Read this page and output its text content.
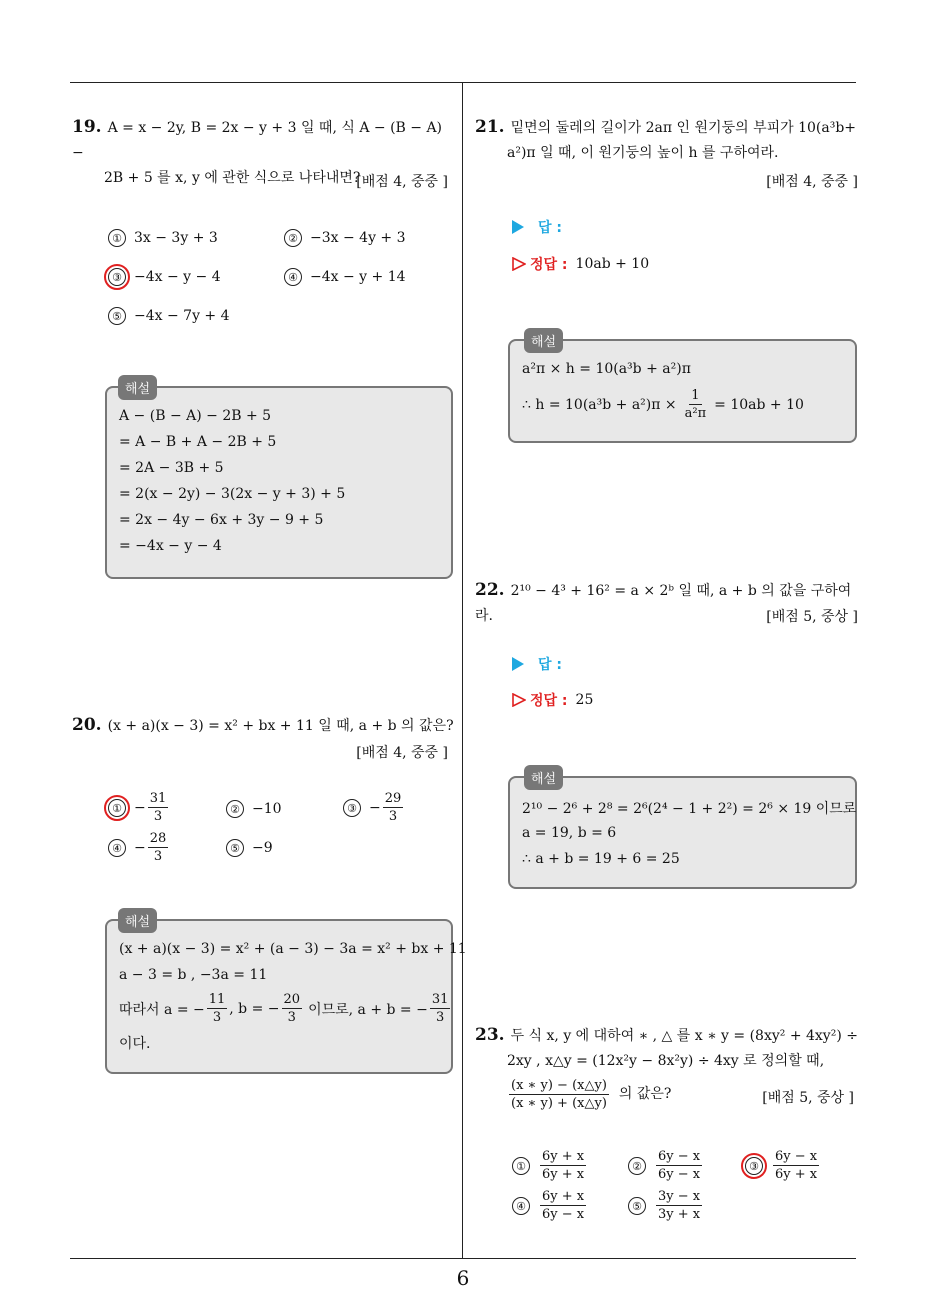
6
19. A = x − 2y, B = 2x − y + 3 일 때, 식 A − (B − A) −
2B + 5 를 x, y 에 관한 식으로 나타내면?
[배점 4, 중중 ]
① 3x − 3y + 3	② −3x − 4y + 3
③ −4x − y − 4	④ −4x − y + 14
⑤ −4x − 7y + 4
A − (B − A) − 2B + 5
= A − B + A − 2B + 5
= 2A − 3B + 5
= 2(x − 2y) − 3(2x − y + 3) + 5
= 2x − 4y − 6x + 3y − 9 + 5
= −4x − y − 4
해설
20. (x + a)(x − 3) = x² + bx + 11 일 때, a + b 의 값은?
[배점 4, 중중 ]
① − $\frac{31}{3}$	② −10	③ − $\frac{29}{3}$
④ − $\frac{28}{3}$	⑤ −9
(x + a)(x − 3) = x² + (a − 3) − 3a = x² + bx + 11
a − 3 = b , −3a = 11
따라서 a = − $\frac{11}{3}$ , b = − $\frac{20}{3}$ 이므로, a + b = − $\frac{31}{3}$
이다.
해설
21. 밑면의 둘레의 길이가 2aπ 인 원기둥의 부피가 10(a³b+
a²)π 일 때, 이 원기둥의 높이 h 를 구하여라.
[배점 4, 중중 ]
답 :
정답 : 10ab + 10
a²π × h = 10(a³b + a²)π
∴ $h = 10(a^3b + a^2)\pi \times \frac{1}{\text{a²π}} = 10ab + 10$
해설
22. 2¹⁰ − 4³ + 16² = a × 2ᵇ 일 때, a + b 의 값을 구하여라.	[배점 5, 중상 ]
답 :
정답 : 25
2¹⁰ − 2⁶ + 2⁸ = 2⁶(2⁴ − 1 + 2²) = 2⁶ × 19 이므로
a = 19, b = 6
∴ a + b = 19 + 6 = 25
해설
23. 두 식 x, y 에 대하여 ∗ , △ 를 x ∗ y = (8xy² + 4xy²) ÷
2xy , x△y = (12x²y − 8x²y) ÷ 4xy 로 정의할 때,
$\frac{(x ∗ y) - (x\triangle y)}{(x ∗ y) + (x\triangle y)}$ 의 값은?	[배점 5, 중상 ]
①	$\frac{6y + x}{6y + x}$	②	$\frac{6y - x}{6y - x}$	③	$\frac{6y - x}{6y + x}$
④	$\frac{6y + x}{6y - x}$	⑤	$\frac{3y - x}{3y + x}$
